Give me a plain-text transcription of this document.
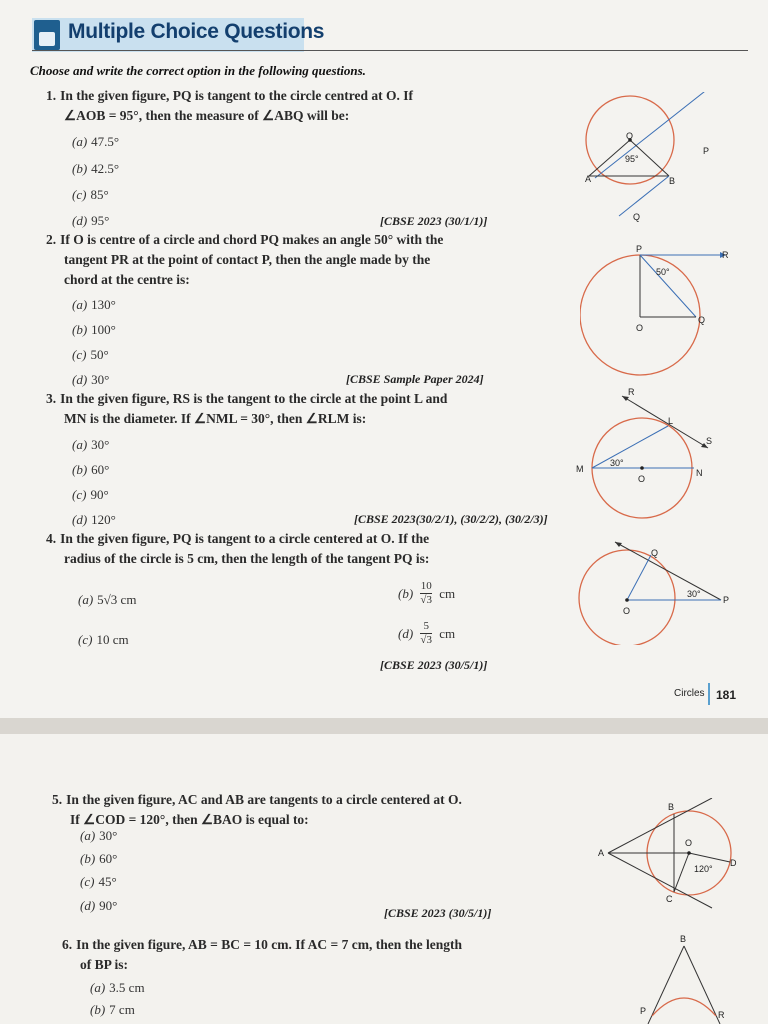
Multiple Choice Questions
Choose and write the correct option in the following questions.
1. In the given figure, PQ is tangent to the circle centred at O. If
∠AOB = 95°, then the measure of ∠ABQ will be:
(a) 47.5°
(b) 42.5°
(c) 85°
(d) 95°	[CBSE 2023 (30/1/1)]
O
95°
A	B
P
Q
2. If O is centre of a circle and chord PQ makes an angle 50° with the
tangent PR at the point of contact P, then the angle made by the
chord at the centre is:
(a) 130°
(b) 100°
(c) 50°
(d) 30°	[CBSE Sample Paper 2024]
P
R
50°
O
Q
3. In the given figure, RS is the tangent to the circle at the point L and
MN is the diameter. If ∠NML = 30°, then ∠RLM is:
(a) 30°
(b) 60°
(c) 90°
(d) 120°	[CBSE 2023(30/2/1), (30/2/2), (30/2/3)]
R
L
S
M	N
O
30°
4. In the given figure, PQ is tangent to a circle centered at O. If the
radius of the circle is 5 cm, then the length of the tangent PQ is:
(a) 5√3 cm	$(b) \frac{10}{√3}$ cm
(c) 10 cm	$(d) \frac{5}{√3}$ cm
[CBSE 2023 (30/5/1)]
Q
O
P
30°
Circles 181
5. In the given figure, AC and AB are tangents to a circle centered at O.
If ∠COD = 120°, then ∠BAO is equal to:
(a) 30°
(b) 60°
(c) 45°
(d) 90°	[CBSE 2023 (30/5/1)]
A
B
O
C
D
120°
6. In the given figure, AB = BC = 10 cm. If AC = 7 cm, then the length
of BP is:
(a) 3.5 cm
(b) 7 cm
B
P	R
